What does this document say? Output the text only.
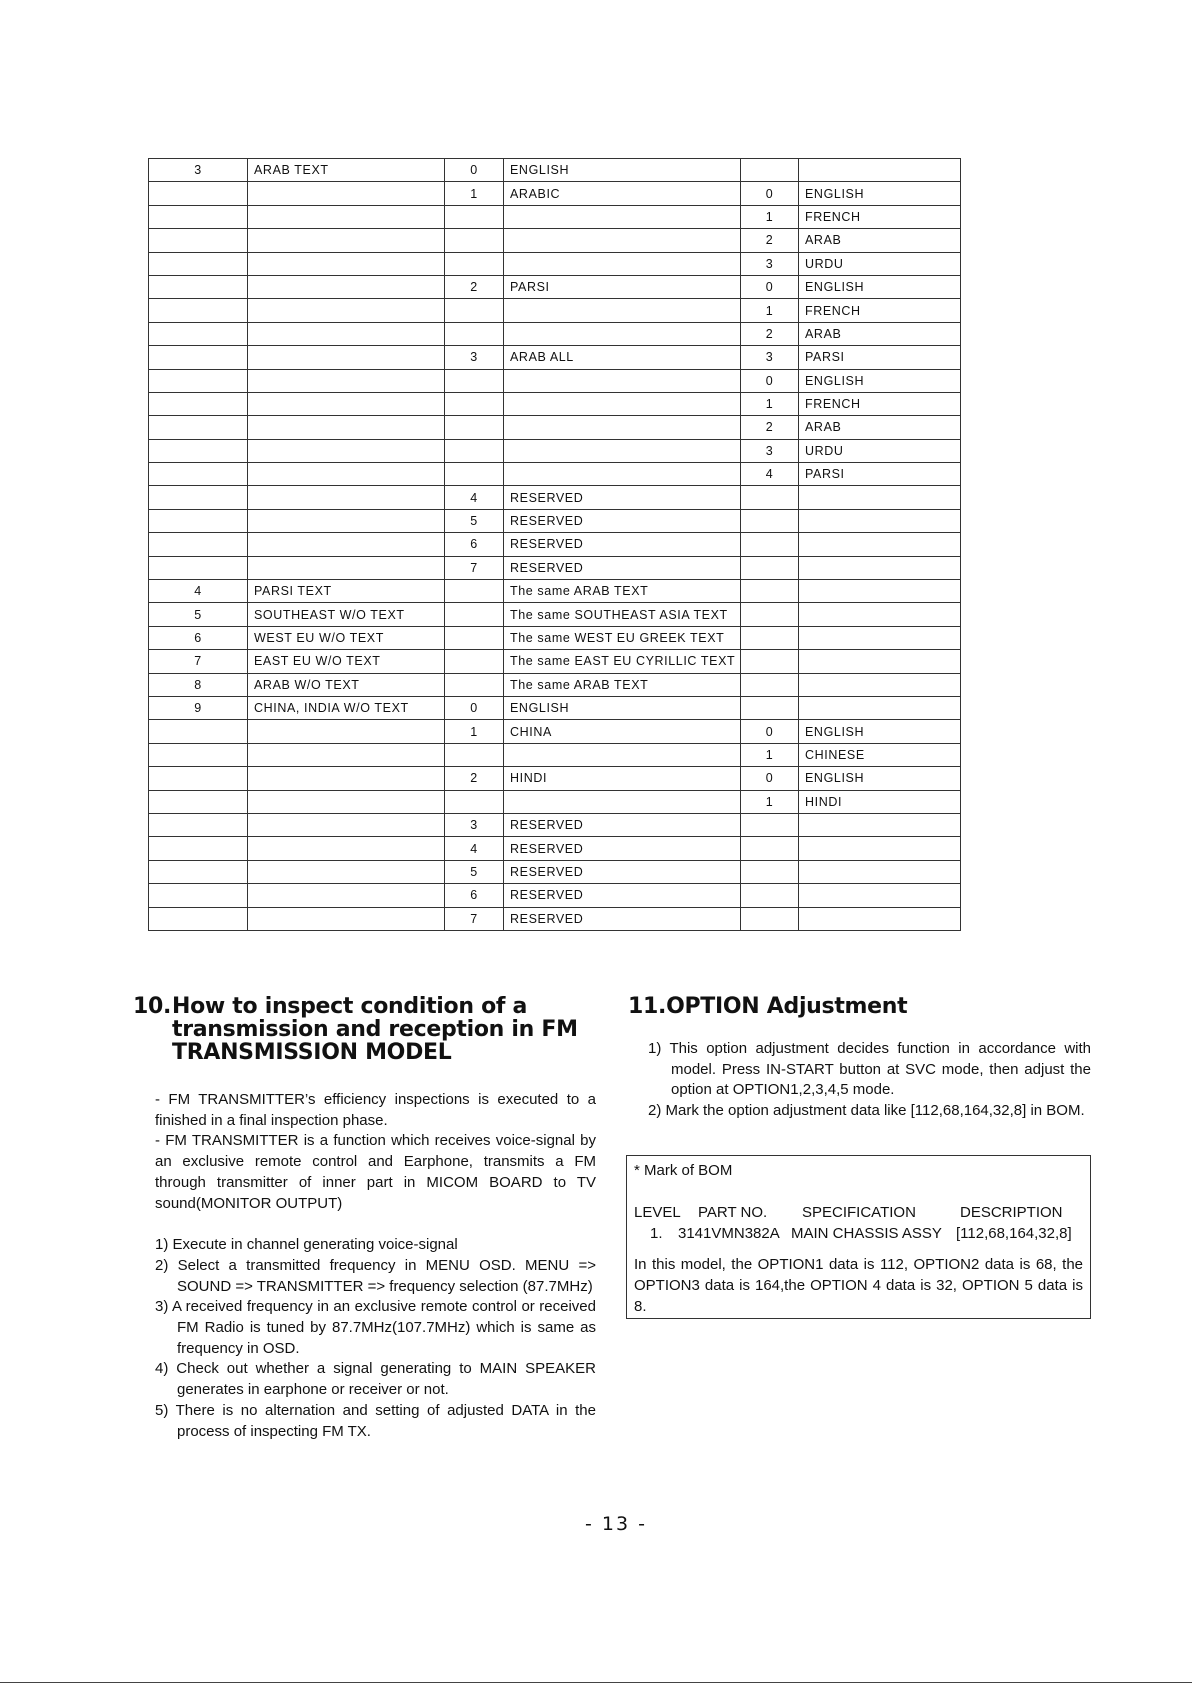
3	ARAB TEXT	0	ENGLISH		
		1	ARABIC	0	ENGLISH
				1	FRENCH
				2	ARAB
				3	URDU
		2	PARSI	0	ENGLISH
				1	FRENCH
				2	ARAB
		3	ARAB ALL	3	PARSI
				0	ENGLISH
				1	FRENCH
				2	ARAB
				3	URDU
				4	PARSI
		4	RESERVED		
		5	RESERVED		
		6	RESERVED		
		7	RESERVED		
4	PARSI TEXT		The same ARAB TEXT		
5	SOUTHEAST W/O TEXT		The same SOUTHEAST ASIA TEXT		
6	WEST EU W/O TEXT		The same WEST EU GREEK TEXT		
7	EAST EU W/O TEXT		The same EAST EU CYRILLIC TEXT		
8	ARAB W/O TEXT		The same ARAB TEXT		
9	CHINA, INDIA W/O TEXT	0	ENGLISH		
		1	CHINA	0	ENGLISH
				1	CHINESE
		2	HINDI	0	ENGLISH
				1	HINDI
		3	RESERVED		
		4	RESERVED		
		5	RESERVED		
		6	RESERVED		
		7	RESERVED		
10. How to inspect condition of a transmission and reception in FM TRANSMISSION MODEL

- FM TRANSMITTER’s efficiency inspections is executed to a finished in a final inspection phase.

- FM TRANSMITTER is a function which receives voice-signal by an exclusive remote control and Earphone, transmits a FM through transmitter of inner part in MICOM BOARD to TV sound(MONITOR OUTPUT)

1) Execute in channel generating voice-signal

2) Select a transmitted frequency in MENU OSD. MENU => SOUND => TRANSMITTER => frequency selection (87.7MHz)

3) A received frequency in an exclusive remote control or received FM Radio is tuned by 87.7MHz(107.7MHz) which is same as frequency in OSD.

4) Check out whether a signal generating to MAIN SPEAKER generates in earphone or receiver or not.

5) There is no alternation and setting of adjusted DATA in the process of inspecting FM TX.

11.OPTION Adjustment

1) This option adjustment decides function in accordance with model. Press IN-START button at SVC mode, then adjust the option at OPTION1,2,3,4,5 mode.

2) Mark the option adjustment data like [112,68,164,32,8] in BOM.

* Mark of BOM

LEVEL PART NO. SPECIFICATION	DESCRIPTION
1. 3141VMN382A MAIN CHASSIS ASSY [112,68,164,32,8]

In this model, the OPTION1 data is 112, OPTION2 data is 68, the OPTION3 data is 164,the OPTION 4 data is 32, OPTION 5 data is 8.

- 13 -
